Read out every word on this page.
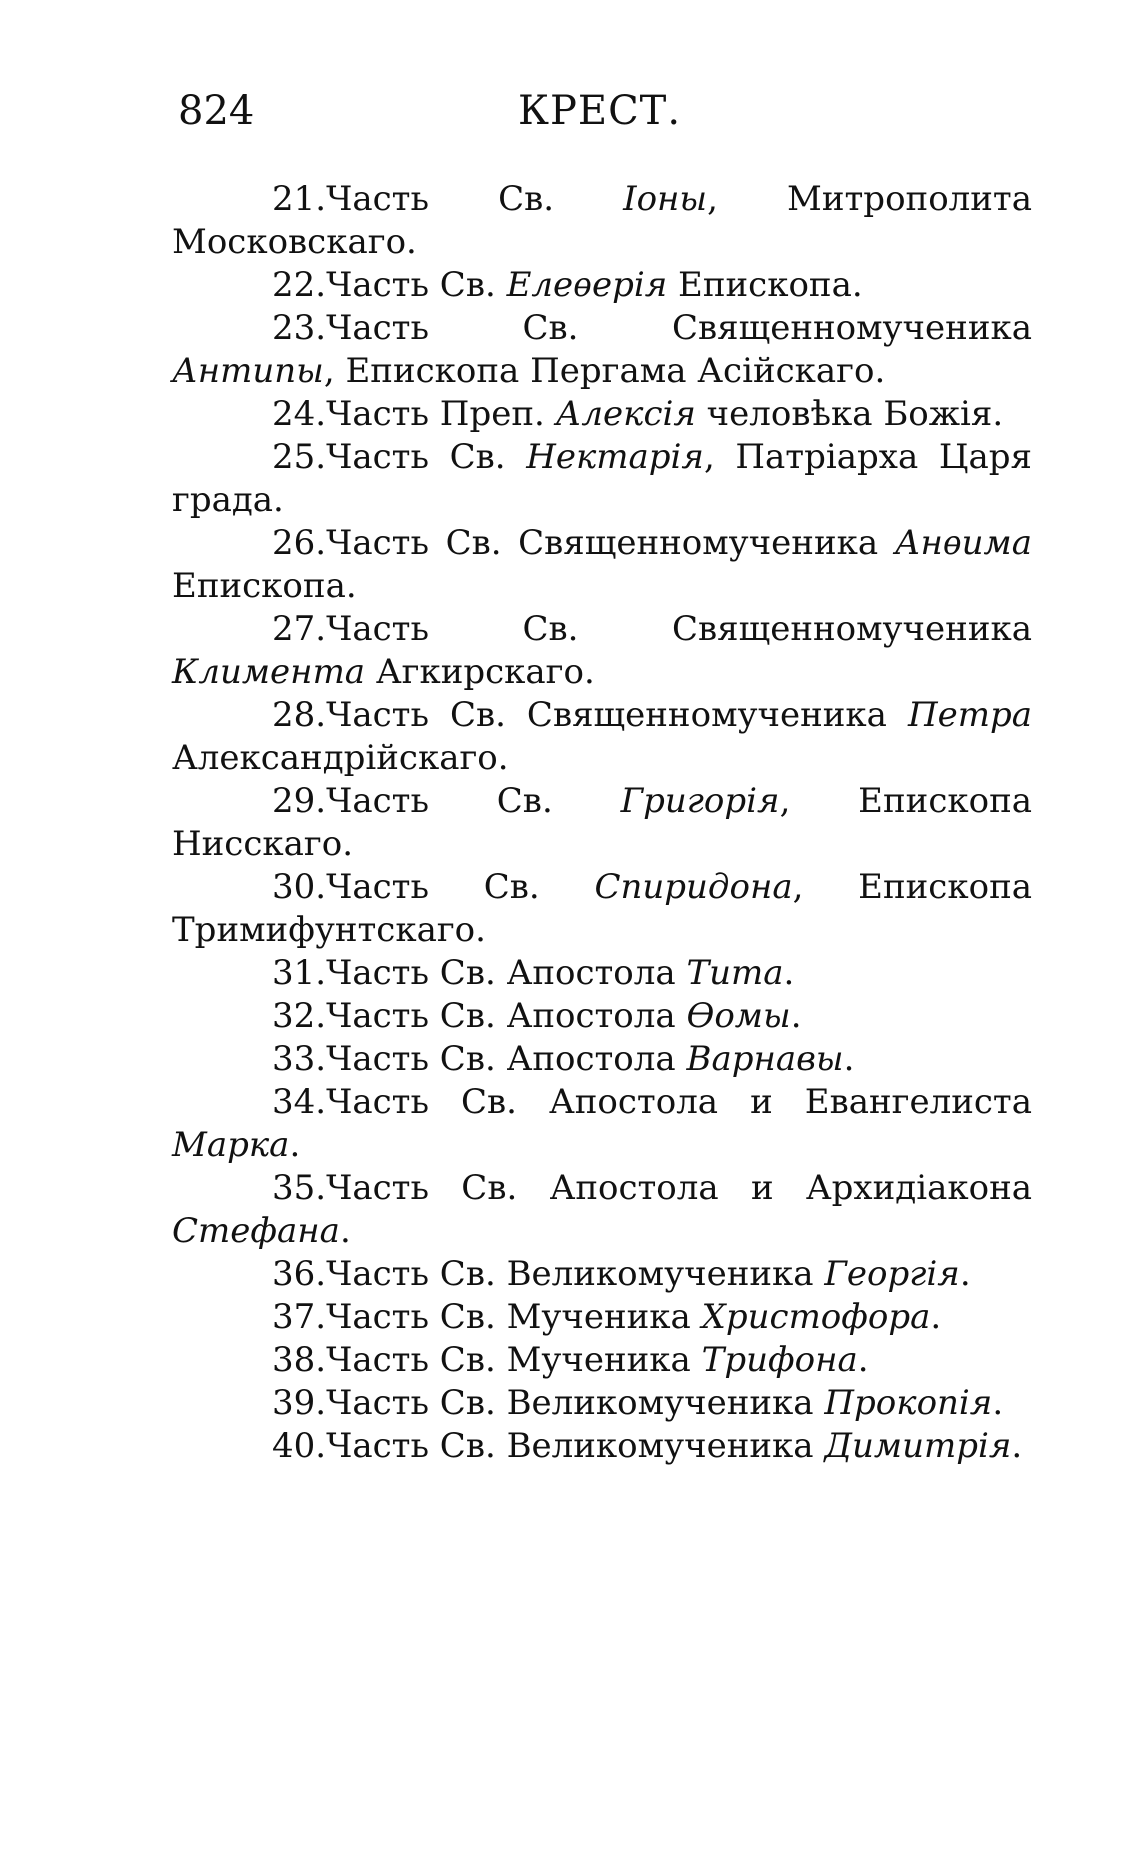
824	КРЕСТ.
21.Часть Св. Іоны, Митрополита Московскаго.
22.Часть Св. Елеѳерія Епископа.
23.Часть Св. Священномученика Антипы, Епископа Пергама Асійскаго.
24.Часть Преп. Алексія человѣка Божія.
25.Часть Св. Нектарія, Патріарха Царя града.
26.Часть Св. Священномученика Анѳима Епископа.
27.Часть Св. Священномученика Климента Агкирскаго.
28.Часть Св. Священномученика Петра Александрійскаго.
29.Часть Св. Григорія, Епископа Нисскаго.
30.Часть Св. Спиридона, Епископа Тримифунтскаго.
31.Часть Св. Апостола Тита.
32.Часть Св. Апостола Ѳомы.
33.Часть Св. Апостола Варнавы.
34.Часть Св. Апостола и Евангелиста Марка.
35.Часть Св. Апостола и Архидіакона Стефана.
36.Часть Св. Великомученика Георгія.
37.Часть Св. Мученика Христофора.
38.Часть Св. Мученика Трифона.
39.Часть Св. Великомученика Прокопія.
40.Часть Св. Великомученика Димитрія.
